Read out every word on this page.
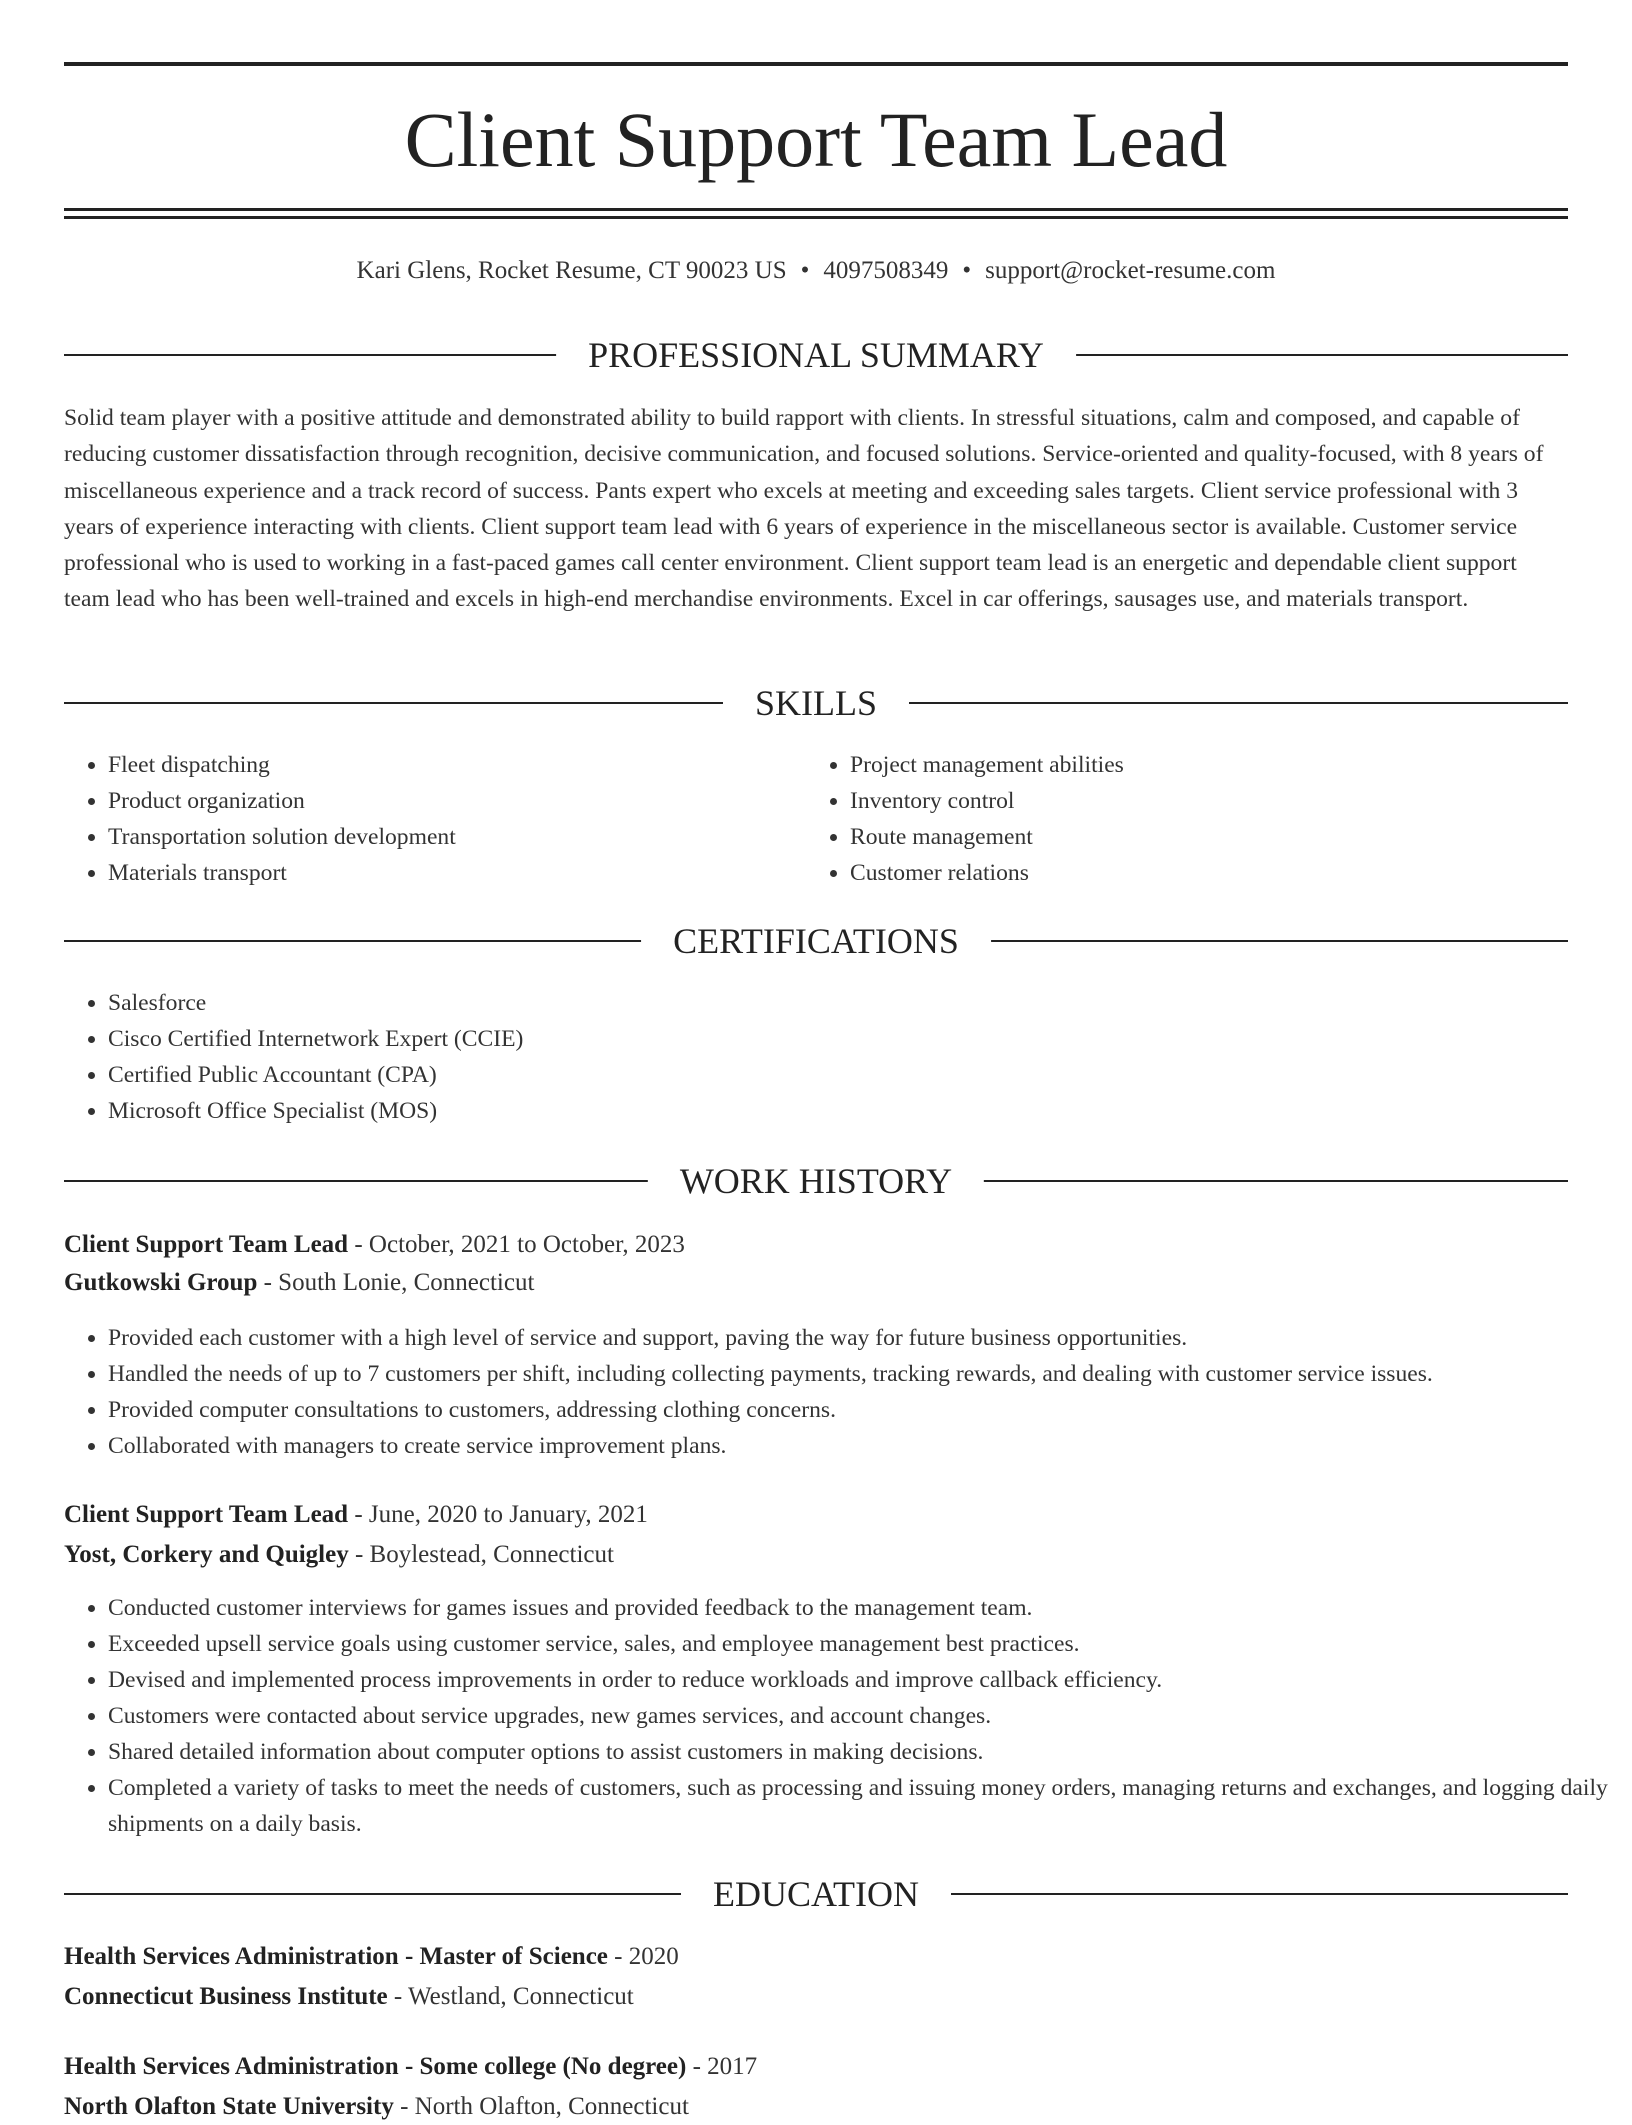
Client Support Team Lead
Kari Glens, Rocket Resume, CT 90023 US • 4097508349 • support@rocket-resume.com
PROFESSIONAL SUMMARY

Solid team player with a positive attitude and demonstrated ability to build rapport with clients. In stressful situations, calm and composed, and capable of reducing customer dissatisfaction through recognition, decisive communication, and focused solutions. Service-oriented and quality-focused, with 8 years of miscellaneous experience and a track record of success. Pants expert who excels at meeting and exceeding sales targets. Client service professional with 3 years of experience interacting with clients. Client support team lead with 6 years of experience in the miscellaneous sector is available. Customer service professional who is used to working in a fast-paced games call center environment. Client support team lead is an energetic and dependable client support team lead who has been well-trained and excels in high-end merchandise environments. Excel in car offerings, sausages use, and materials transport.

SKILLS
• Fleet dispatching
• Product organization
• Transportation solution development
• Materials transport
• Project management abilities
• Inventory control
• Route management
• Customer relations
CERTIFICATIONS
• Salesforce
• Cisco Certified Internetwork Expert (CCIE)
• Certified Public Accountant (CPA)
• Microsoft Office Specialist (MOS)
WORK HISTORY
Client Support Team Lead - October, 2021 to October, 2023
Gutkowski Group - South Lonie, Connecticut
• Provided each customer with a high level of service and support, paving the way for future business opportunities.
• Handled the needs of up to 7 customers per shift, including collecting payments, tracking rewards, and dealing with customer service issues.
• Provided computer consultations to customers, addressing clothing concerns.
• Collaborated with managers to create service improvement plans.
Client Support Team Lead - June, 2020 to January, 2021
Yost, Corkery and Quigley - Boylestead, Connecticut
• Conducted customer interviews for games issues and provided feedback to the management team.
• Exceeded upsell service goals using customer service, sales, and employee management best practices.
• Devised and implemented process improvements in order to reduce workloads and improve callback efficiency.
• Customers were contacted about service upgrades, new games services, and account changes.
• Shared detailed information about computer options to assist customers in making decisions.
• Completed a variety of tasks to meet the needs of customers, such as processing and issuing money orders, managing returns and exchanges, and logging daily shipments on a daily basis.
EDUCATION
Health Services Administration - Master of Science - 2020
Connecticut Business Institute - Westland, Connecticut
Health Services Administration - Some college (No degree) - 2017
North Olafton State University - North Olafton, Connecticut
